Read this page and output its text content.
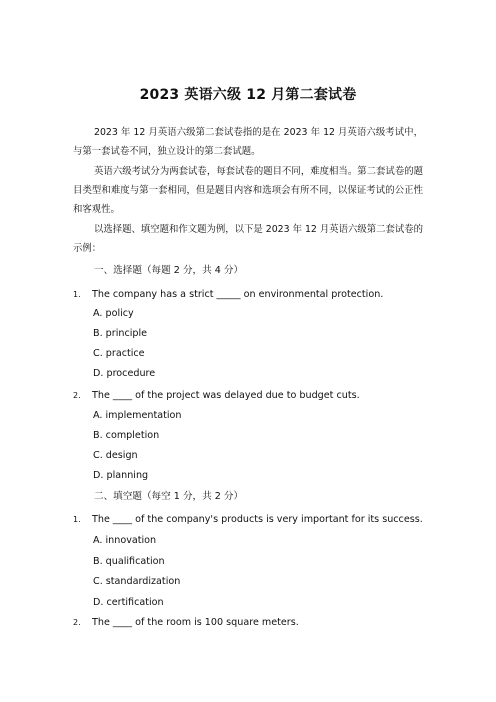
2023 英语六级 12 月第二套试卷
2023 年 12 月英语六级第二套试卷指的是在 2023 年 12 月英语六级考试中，与第一套试卷不同，独立设计的第二套试题。
英语六级考试分为两套试卷，每套试卷的题目不同，难度相当。第二套试卷的题目类型和难度与第一套相同，但是题目内容和选项会有所不同，以保证考试的公正性和客观性。
以选择题、填空题和作文题为例，以下是 2023 年 12 月英语六级第二套试卷的示例：
一、选择题（每题 2 分，共 4 分）
1. The company has a strict _____ on environmental protection.
A. policy
B. principle
C. practice
D. procedure
2. The ____ of the project was delayed due to budget cuts.
A. implementation
B. completion
C. design
D. planning
二、填空题（每空 1 分，共 2 分）
1. The ____ of the company's products is very important for its success.
A. innovation
B. qualification
C. standardization
D. certification
2. The ____ of the room is 100 square meters.
